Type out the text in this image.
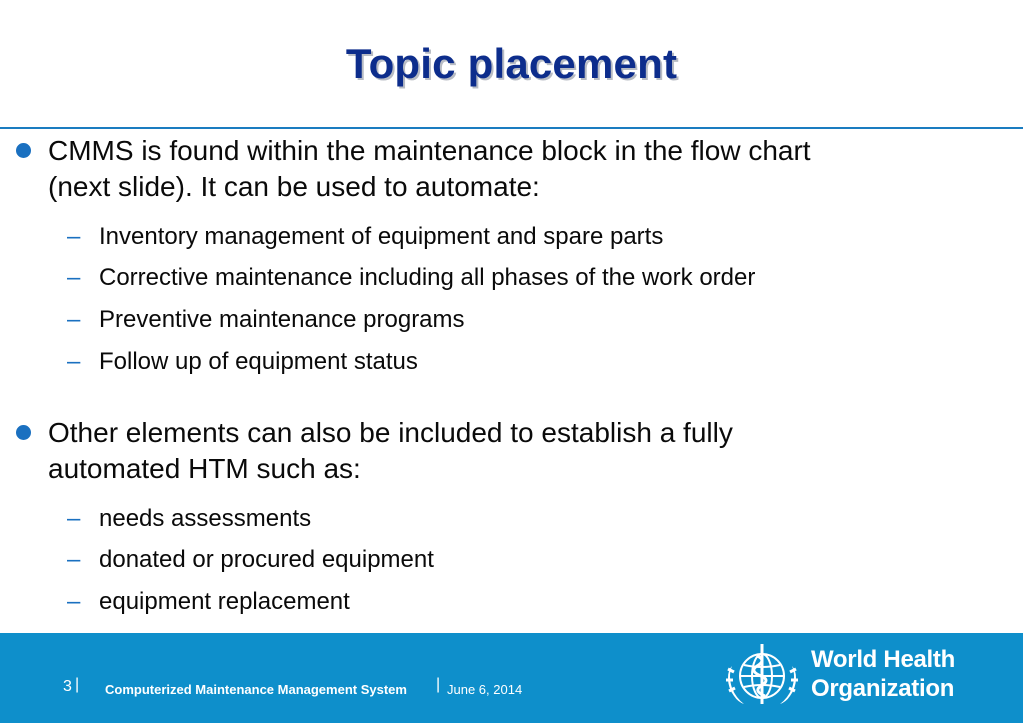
Topic placement
CMMS is found within the maintenance block in the flow chart
(next slide). It can be used to automate:
– Inventory management of equipment and spare parts
– Corrective maintenance including all phases of the work order
– Preventive maintenance programs
– Follow up of equipment status
Other elements can also be included to establish a fully
automated HTM such as:
– needs assessments
– donated or procured equipment
– equipment replacement
3 | Computerized Maintenance Management System | June 6, 2014
World Health
Organization
